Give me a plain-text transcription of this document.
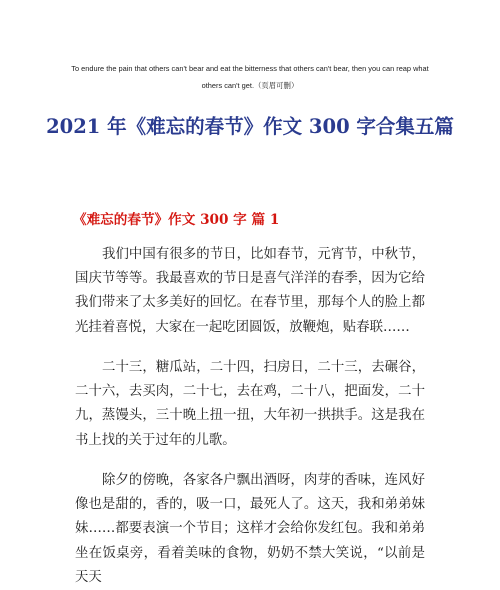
To endure the pain that others can't bear and eat the bitterness that others can't bear, then you can reap what
others can't get.（页眉可删）
2021 年《难忘的春节》作文 300 字合集五篇
《难忘的春节》作文 300 字 篇 1

我们中国有很多的节日，比如春节，元宵节，中秋节，国庆节等等。我最喜欢的节日是喜气洋洋的春季，因为它给我们带来了太多美好的回忆。在春节里，那每个人的脸上都光挂着喜悦，大家在一起吃团圆饭，放鞭炮，贴春联……

二十三，糖瓜站，二十四，扫房日，二十三，去碾谷，二十六，去买肉，二十七，去在鸡，二十八，把面发，二十九，蒸馒头，三十晚上扭一扭，大年初一拱拱手。这是我在书上找的关于过年的儿歌。

除夕的傍晚，各家各户飘出酒呀，肉芽的香味，连风好像也是甜的，香的，吸一口，最死人了。这天，我和弟弟妹妹……都要表演一个节目；这样才会给你发红包。我和弟弟坐在饭桌旁，看着美味的食物，奶奶不禁大笑说，“以前是天天
